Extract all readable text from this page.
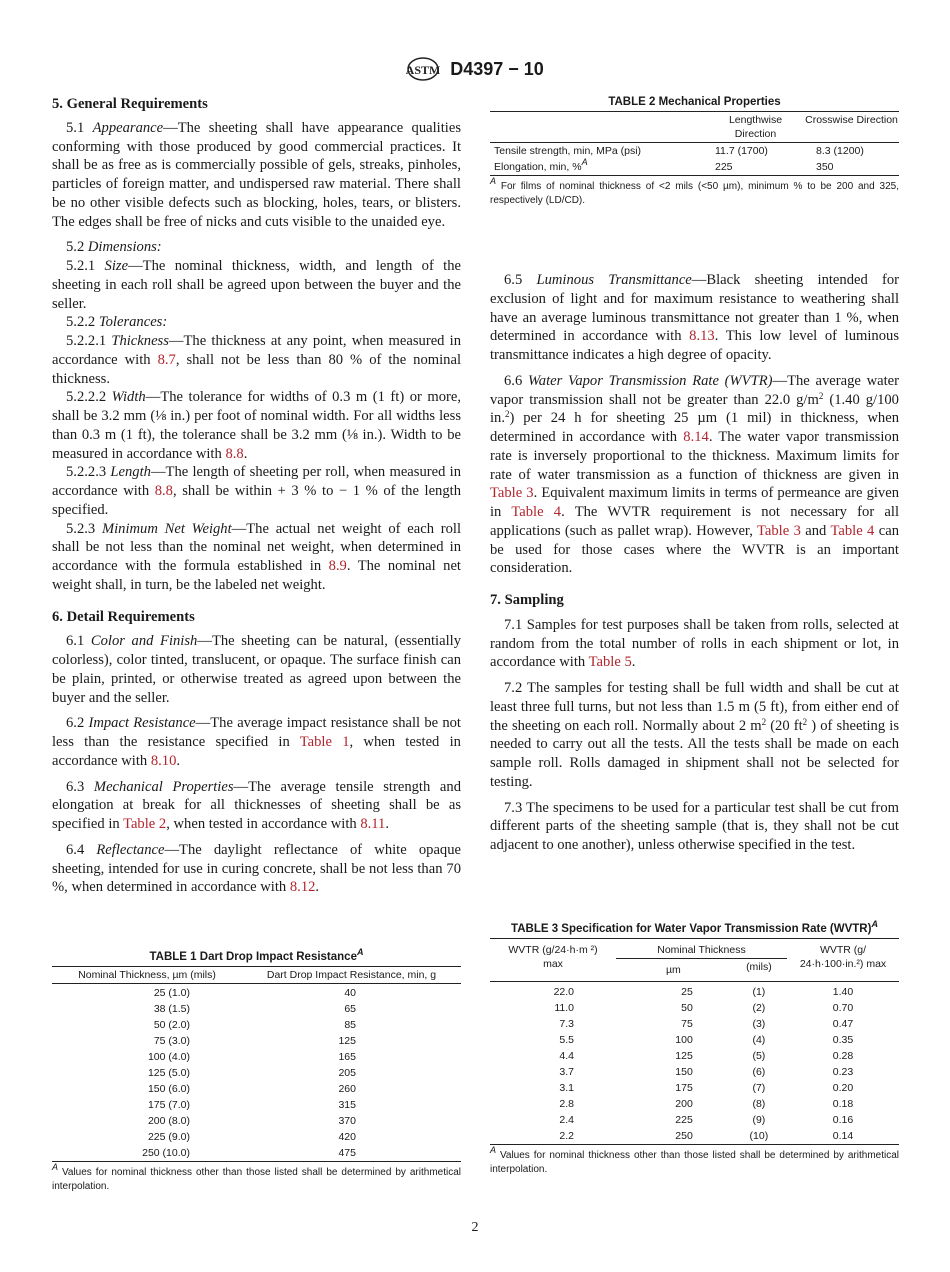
ASTM D4397 − 10
5. General Requirements

5.1 Appearance—The sheeting shall have appearance qualities conforming with those produced by good commercial practices. It shall be as free as is commercially possible of gels, streaks, pinholes, particles of foreign matter, and undispersed raw material. There shall be no other visible defects such as blocking, holes, tears, or blisters. The edges shall be free of nicks and cuts visible to the unaided eye.

5.2 Dimensions:

5.2.1 Size—The nominal thickness, width, and length of the sheeting in each roll shall be agreed upon between the buyer and the seller.

5.2.2 Tolerances:

5.2.2.1 Thickness—The thickness at any point, when measured in accordance with 8.7, shall not be less than 80 % of the nominal thickness.

5.2.2.2 Width—The tolerance for widths of 0.3 m (1 ft) or more, shall be 3.2 mm (⅛ in.) per foot of nominal width. For all widths less than 0.3 m (1 ft), the tolerance shall be 3.2 mm (⅛ in.). Width to be measured in accordance with 8.8.

5.2.2.3 Length—The length of sheeting per roll, when measured in accordance with 8.8, shall be within + 3 % to − 1 % of the length specified.

5.2.3 Minimum Net Weight—The actual net weight of each roll shall be not less than the nominal net weight, when determined in accordance with the formula established in 8.9. The nominal net weight shall, in turn, be the labeled net weight.

6. Detail Requirements

6.1 Color and Finish—The sheeting can be natural, (essentially colorless), color tinted, translucent, or opaque. The surface finish can be plain, printed, or otherwise treated as agreed upon between the buyer and the seller.

6.2 Impact Resistance—The average impact resistance shall be not less than the resistance specified in Table 1, when tested in accordance with 8.10.

6.3 Mechanical Properties—The average tensile strength and elongation at break for all thicknesses of sheeting shall be as specified in Table 2, when tested in accordance with 8.11.

6.4 Reflectance—The daylight reflectance of white opaque sheeting, intended for use in curing concrete, shall be not less than 70 %, when determined in accordance with 8.12.

6.5 Luminous Transmittance—Black sheeting intended for exclusion of light and for maximum resistance to weathering shall have an average luminous transmittance not greater than 1 %, when determined in accordance with 8.13. This low level of luminous transmittance indicates a high degree of opacity.

6.6 Water Vapor Transmission Rate (WVTR)—The average water vapor transmission shall not be greater than 22.0 $g/m^2$ (1.40 g/100 in.$^2$) per 24 h for sheeting 25 µm (1 mil) in thickness, when determined in accordance with 8.14. The water vapor transmission rate is inversely proportional to the thickness. Maximum limits for rate of water transmission as a function of thickness are given in Table 3. Equivalent maximum limits in terms of permeance are given in Table 4. The WVTR requirement is not necessary for all applications (such as pallet wrap). However, Table 3 and Table 4 can be used for those cases where the WVTR is an important consideration.

7. Sampling

7.1 Samples for test purposes shall be taken from rolls, selected at random from the total number of rolls in each shipment or lot, in accordance with Table 5.

7.2 The samples for testing shall be full width and shall be cut at least three full turns, but not less than 1.5 m (5 ft), from either end of the sheeting on each roll. Normally about 2 $m^2$ (20 $ft^2$ ) of sheeting is needed to carry out all the tests. All the tests shall be made on each sample roll. Rolls damaged in shipment shall not be selected for testing.

7.3 The specimens to be used for a particular test shall be cut from different parts of the sheeting sample (that is, they shall not be cut adjacent to one another), unless otherwise specified in the test.

TABLE 2 Mechanical Properties
	Lengthwise Direction	Crosswise Direction
Tensile strength, min, MPa (psi)	11.7 (1700)	8.3 (1200)
Elongation, min, %$^A$	225	350
$^A$ For films of nominal thickness of <2 mils (<50 µm), minimum % to be 200 and 325, respectively (LD/CD).
TABLE 1 Dart Drop Impact Resistance$^A$
Nominal Thickness, µm (mils)	Dart Drop Impact Resistance, min, g
25 (1.0)	40
38 (1.5)	65
50 (2.0)	85
75 (3.0)	125
100 (4.0)	165
125 (5.0)	205
150 (6.0)	260
175 (7.0)	315
200 (8.0)	370
225 (9.0)	420
250 (10.0)	475
$^A$ Values for nominal thickness other than those listed shall be determined by arithmetical interpolation.
TABLE 3 Specification for Water Vapor Transmission Rate (WVTR)$^A$
WVTR (g/24·h·m ²) max	Nominal Thickness		WVTR (g/ 24·h·100·in.²) max
	µm	(mils)	
22.0	25	(1)	1.40
11.0	50	(2)	0.70
7.3	75	(3)	0.47
5.5	100	(4)	0.35
4.4	125	(5)	0.28
3.7	150	(6)	0.23
3.1	175	(7)	0.20
2.8	200	(8)	0.18
2.4	225	(9)	0.16
2.2	250	(10)	0.14
$^A$ Values for nominal thickness other than those listed shall be determined by arithmetical interpolation.
2
